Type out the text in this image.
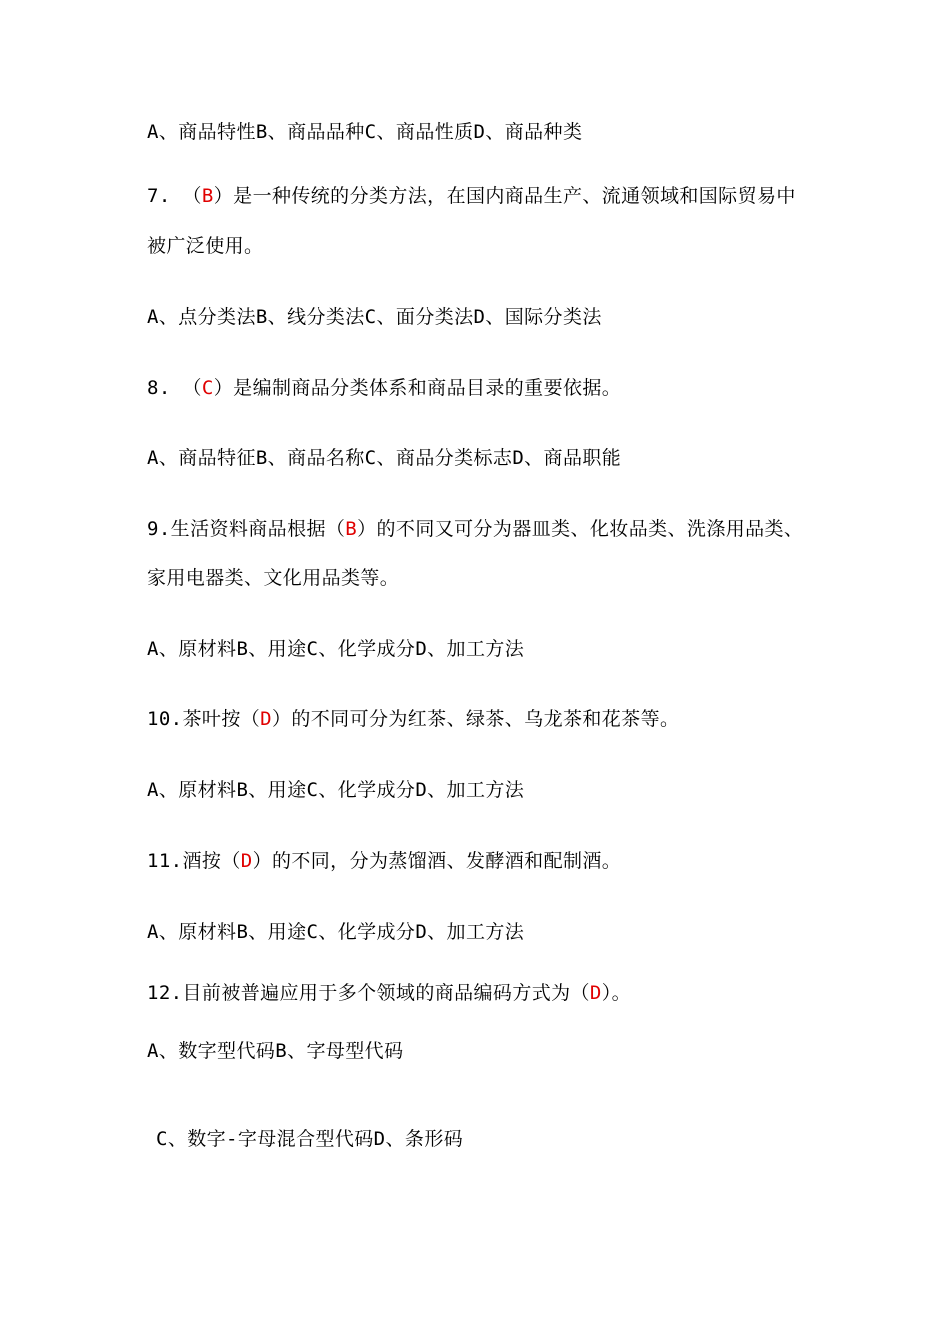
A、商品特性B、商品品种C、商品性质D、商品种类
7. （B）是一种传统的分类方法，在国内商品生产、流通领域和国际贸易中
被广泛使用。
A、点分类法B、线分类法C、面分类法D、国际分类法
8. （C）是编制商品分类体系和商品目录的重要依据。
A、商品特征B、商品名称C、商品分类标志D、商品职能
9.生活资料商品根据（B）的不同又可分为器皿类、化妆品类、洗涤用品类、
家用电器类、文化用品类等。
A、原材料B、用途C、化学成分D、加工方法
10.茶叶按（D）的不同可分为红茶、绿茶、乌龙茶和花茶等。
A、原材料B、用途C、化学成分D、加工方法
11.酒按（D）的不同，分为蒸馏酒、发酵酒和配制酒。
A、原材料B、用途C、化学成分D、加工方法
12.目前被普遍应用于多个领域的商品编码方式为（D）。
A、数字型代码B、字母型代码
C、数字-字母混合型代码D、条形码
